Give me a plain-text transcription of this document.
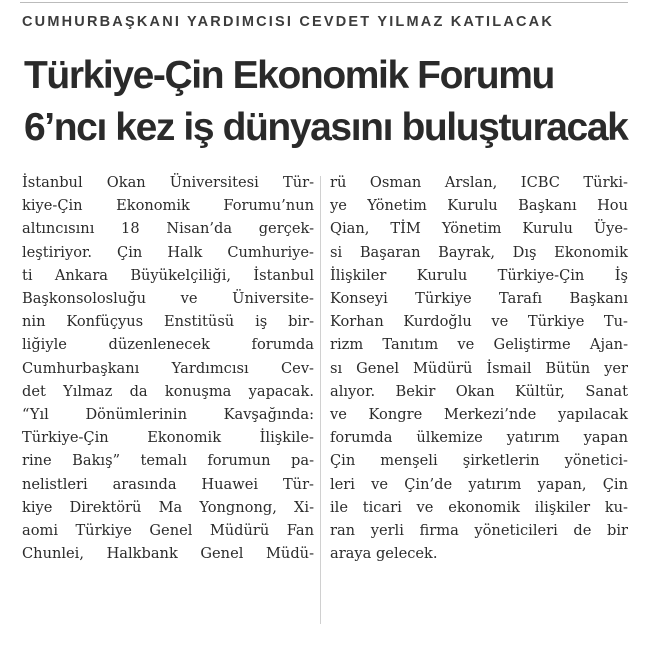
CUMHURBAŞKANI YARDIMCISI CEVDET YILMAZ KATILACAK
Türkiye-Çin Ekonomik Forumu
6’ncı kez iş dünyasını buluşturacak
İstanbul Okan Üniversitesi Tür-
kiye-Çin Ekonomik Forumu’nun
altıncısını 18 Nisan’da gerçek-
leştiriyor. Çin Halk Cumhuriye-
ti Ankara Büyükelçiliği, İstanbul
Başkonsolosluğu ve Üniversite-
nin Konfüçyus Enstitüsü iş bir-
liğiyle düzenlenecek forumda
Cumhurbaşkanı Yardımcısı Cev-
det Yılmaz da konuşma yapacak.
“Yıl Dönümlerinin Kavşağında:
Türkiye-Çin Ekonomik İlişkile-
rine Bakış” temalı forumun pa-
nelistleri arasında Huawei Tür-
kiye Direktörü Ma Yongnong, Xi-
aomi Türkiye Genel Müdürü Fan
Chunlei, Halkbank Genel Müdü-
rü Osman Arslan, ICBC Türki-
ye Yönetim Kurulu Başkanı Hou
Qian, TİM Yönetim Kurulu Üye-
si Başaran Bayrak, Dış Ekonomik
İlişkiler Kurulu Türkiye-Çin İş
Konseyi Türkiye Tarafı Başkanı
Korhan Kurdoğlu ve Türkiye Tu-
rizm Tanıtım ve Geliştirme Ajan-
sı Genel Müdürü İsmail Bütün yer
alıyor. Bekir Okan Kültür, Sanat
ve Kongre Merkezi’nde yapılacak
forumda ülkemize yatırım yapan
Çin menşeli şirketlerin yönetici-
leri ve Çin’de yatırım yapan, Çin
ile ticari ve ekonomik ilişkiler ku-
ran yerli firma yöneticileri de bir
araya gelecek.
